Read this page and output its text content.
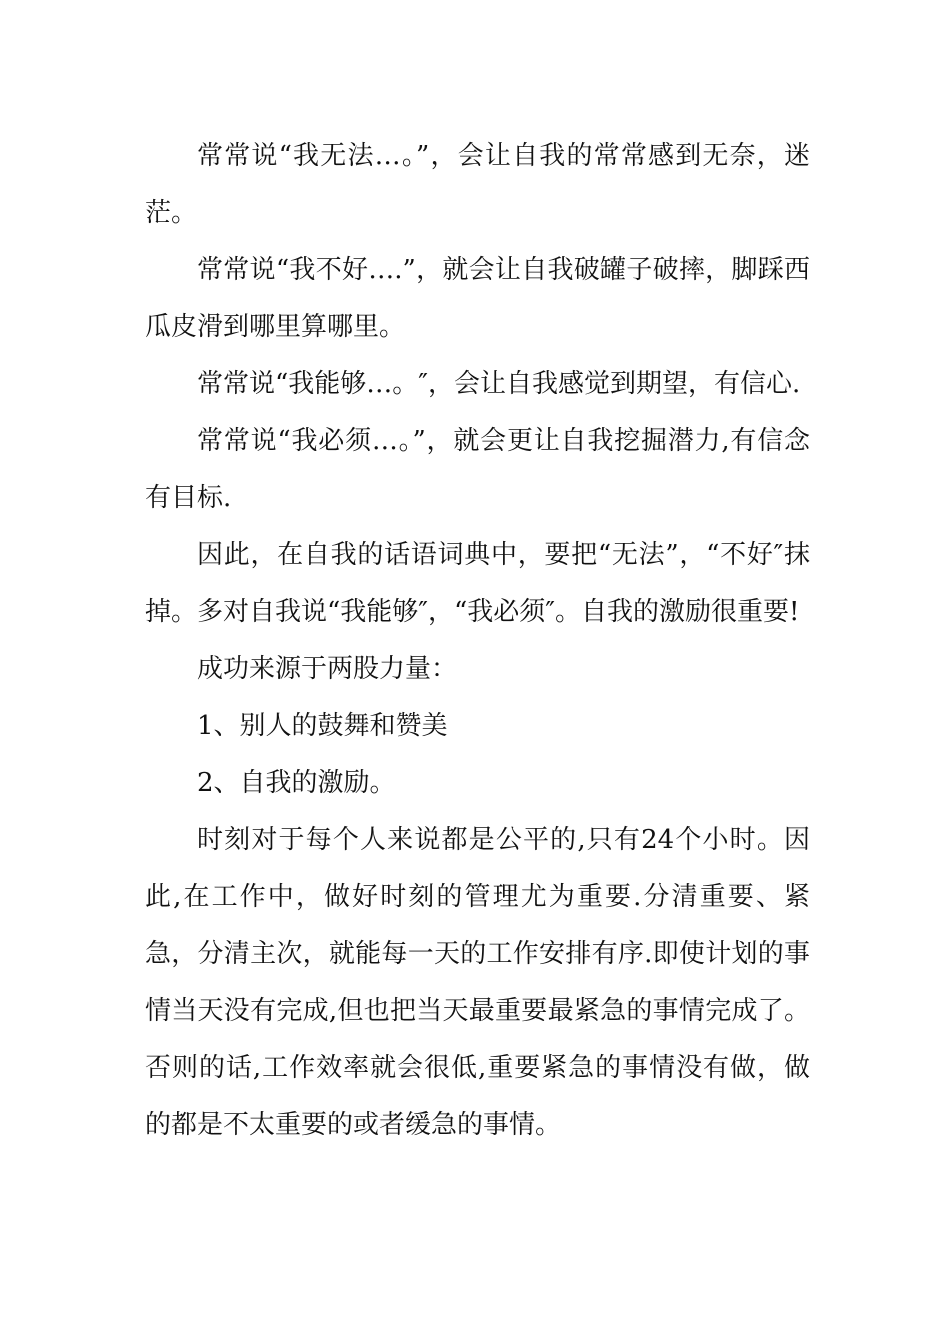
常常说“我无法…。”，会让自我的常常感到无奈，迷茫。

常常说“我不好….”，就会让自我破罐子破摔，脚踩西瓜皮滑到哪里算哪里。

常常说“我能够…。″，会让自我感觉到期望，有信心.

常常说“我必须…。”，就会更让自我挖掘潜力,有信念有目标.

因此，在自我的话语词典中，要把“无法”，“不好″抹掉。多对自我说“我能够″，“我必须″。自我的激励很重要!

成功来源于两股力量：

1、别人的鼓舞和赞美

2、自我的激励。

时刻对于每个人来说都是公平的,只有24个小时。因此,在工作中，做好时刻的管理尤为重要.分清重要、紧急，分清主次，就能每一天的工作安排有序.即使计划的事情当天没有完成,但也把当天最重要最紧急的事情完成了。否则的话,工作效率就会很低,重要紧急的事情没有做，做的都是不太重要的或者缓急的事情。
